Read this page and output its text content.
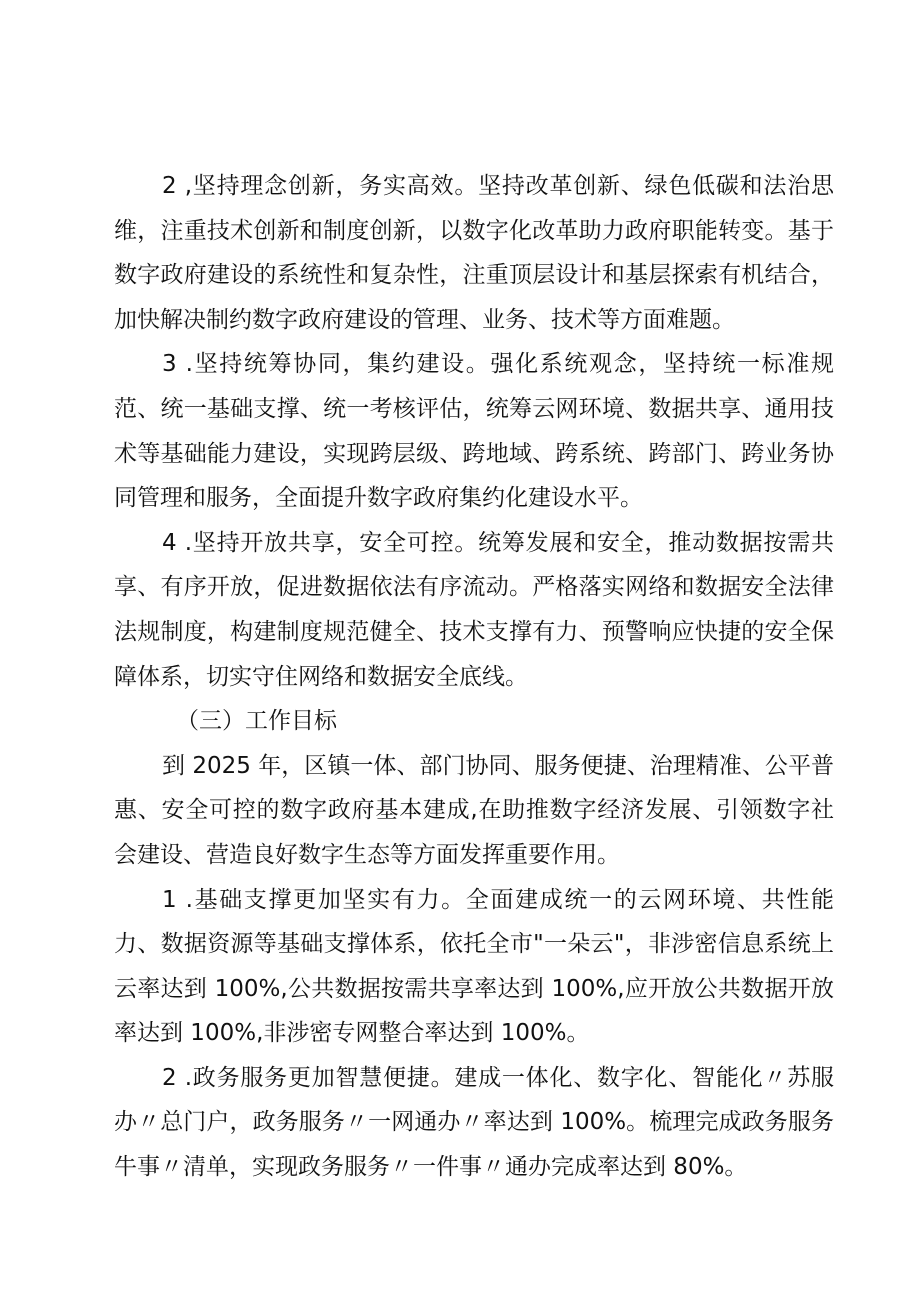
2 ,坚持理念创新，务实高效。坚持改革创新、绿色低碳和法治思维，注重技术创新和制度创新，以数字化改革助力政府职能转变。基于数字政府建设的系统性和复杂性，注重顶层设计和基层探索有机结合，加快解决制约数字政府建设的管理、业务、技术等方面难题。

3 .坚持统筹协同，集约建设。强化系统观念，坚持统一标准规范、统一基础支撑、统一考核评估，统筹云网环境、数据共享、通用技术等基础能力建设，实现跨层级、跨地域、跨系统、跨部门、跨业务协同管理和服务，全面提升数字政府集约化建设水平。

4 .坚持开放共享，安全可控。统筹发展和安全，推动数据按需共享、有序开放，促进数据依法有序流动。严格落实网络和数据安全法律法规制度，构建制度规范健全、技术支撑有力、预警响应快捷的安全保障体系，切实守住网络和数据安全底线。

（三）工作目标

到 2025 年，区镇一体、部门协同、服务便捷、治理精准、公平普惠、安全可控的数字政府基本建成,在助推数字经济发展、引领数字社会建设、营造良好数字生态等方面发挥重要作用。

1 .基础支撑更加坚实有力。全面建成统一的云网环境、共性能力、数据资源等基础支撑体系，依托全市"一朵云"，非涉密信息系统上云率达到 100%,公共数据按需共享率达到 100%,应开放公共数据开放率达到 100%,非涉密专网整合率达到 100%。

2 .政务服务更加智慧便捷。建成一体化、数字化、智能化〃苏服办〃总门户，政务服务〃一网通办〃率达到 100%。梳理完成政务服务牛事〃清单，实现政务服务〃一件事〃通办完成率达到 80%。
